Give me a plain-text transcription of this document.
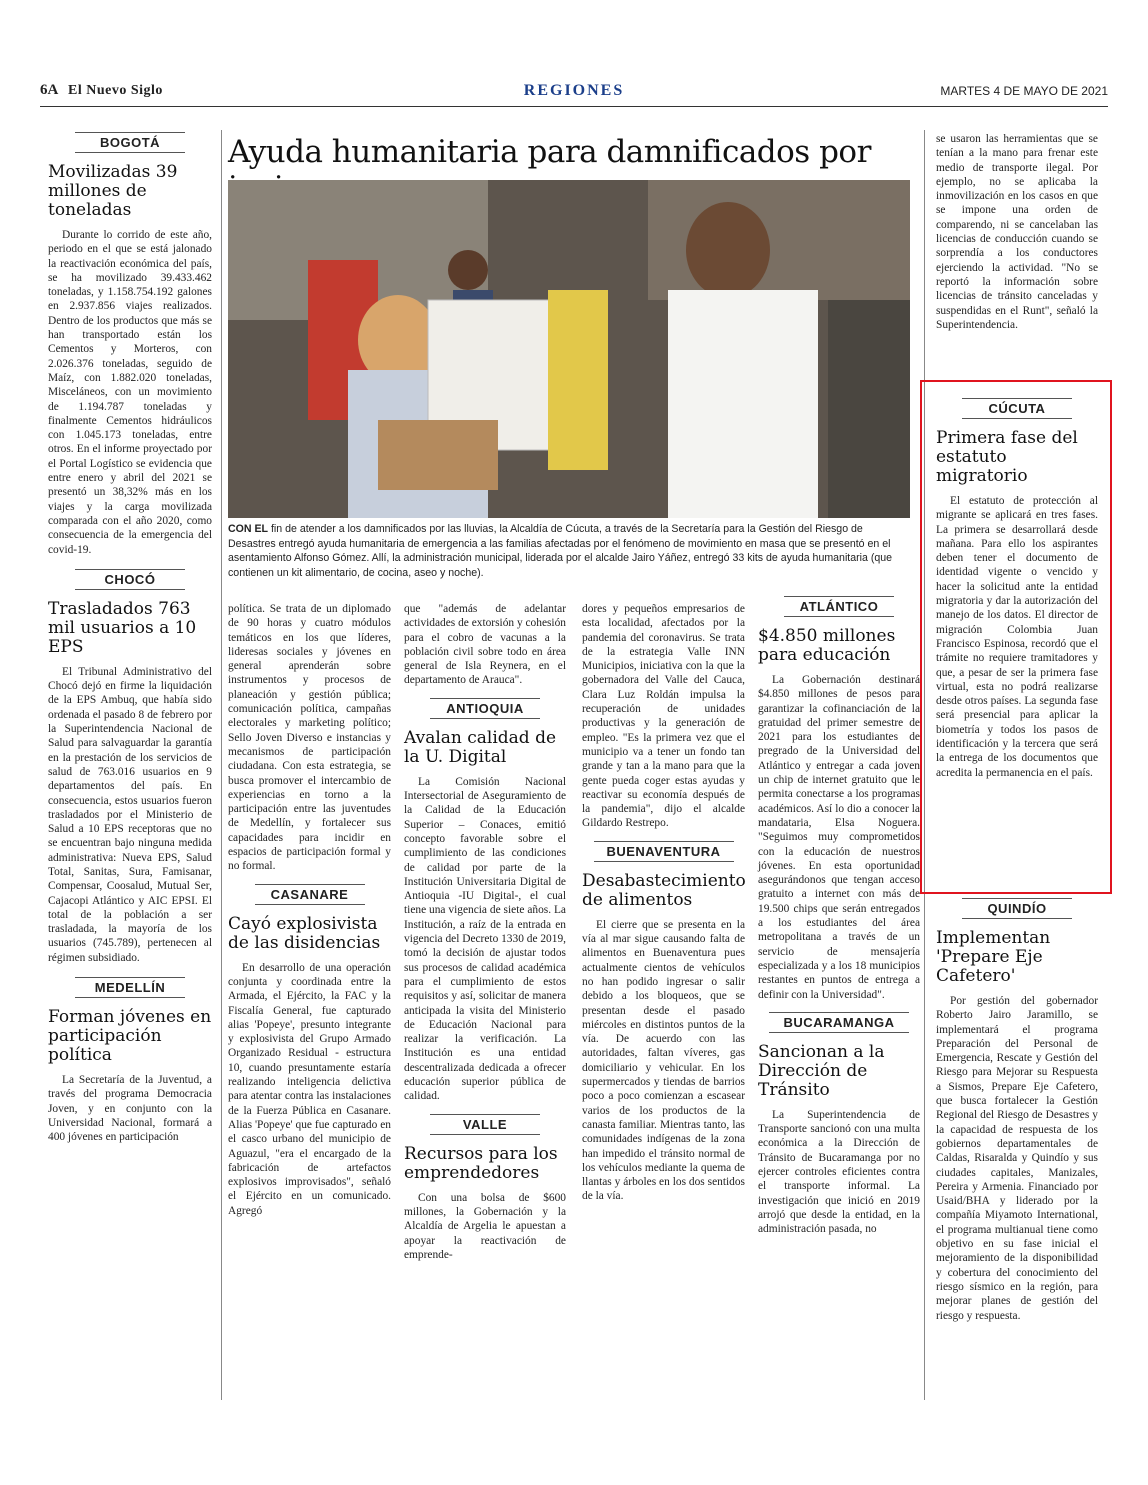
6A El Nuevo Siglo	REGIONES	MARTES 4 DE MAYO DE 2021
BOGOTÁ
Movilizadas 39 millones de toneladas

Durante lo corrido de este año, periodo en el que se está jalonado la reactivación económica del país, se ha movilizado 39.433.462 toneladas, y 1.158.754.192 galones en 2.937.856 viajes realizados. Dentro de los productos que más se han transportado están los Cementos y Morteros, con 2.026.376 toneladas, seguido de Maíz, con 1.882.020 toneladas, Misceláneos, con un movimiento de 1.194.787 toneladas y finalmente Cementos hidráulicos con 1.045.173 toneladas, entre otros. En el informe proyectado por el Portal Logístico se evidencia que entre enero y abril del 2021 se presentó un 38,32% más en los viajes y la carga movilizada comparada con el año 2020, como consecuencia de la emergencia del covid-19.

CHOCÓ
Trasladados 763 mil usuarios a 10 EPS

El Tribunal Administrativo del Chocó dejó en firme la liquidación de la EPS Ambuq, que había sido ordenada el pasado 8 de febrero por la Superintendencia Nacional de Salud para salvaguardar la garantía en la prestación de los servicios de salud de 763.016 usuarios en 9 departamentos del país. En consecuencia, estos usuarios fueron trasladados por el Ministerio de Salud a 10 EPS receptoras que no se encuentran bajo ninguna medida administrativa: Nueva EPS, Salud Total, Sanitas, Sura, Famisanar, Compensar, Coosalud, Mutual Ser, Cajacopi Atlántico y AIC EPSI. El total de la población a ser trasladada, la mayoría de los usuarios (745.789), pertenecen al régimen subsidiado.

MEDELLÍN
Forman jóvenes en participación política

La Secretaría de la Juventud, a través del programa Democracia Joven, y en conjunto con la Universidad Nacional, formará a 400 jóvenes en participación

Ayuda humanitaria para damnificados por
CON EL fin de atender a los damnificados por las lluvias, la Alcaldía de Cúcuta, a través de la Secretaría para la Gestión del Riesgo de Desastres entregó ayuda humanitaria de emergencia a las familias afectadas por el fenómeno de movimiento en masa que se presentó en el asentamiento Alfonso Gómez. Allí, la administración municipal, liderada por el alcalde Jairo Yáñez, entregó 33 kits de ayuda humanitaria (que contienen un kit alimentario, de cocina, aseo y noche).

política. Se trata de un diplomado de 90 horas y cuatro módulos temáticos en los que líderes, lideresas sociales y jóvenes en general aprenderán sobre instrumentos y procesos de planeación y gestión pública; comunicación política, campañas electorales y marketing político; Sello Joven Diverso e instancias y mecanismos de participación ciudadana. Con esta estrategia, se busca promover el intercambio de experiencias en torno a la participación entre las juventudes de Medellín, y fortalecer sus capacidades para incidir en espacios de participación formal y no formal.

CASANARE
Cayó explosivista de las disidencias

En desarrollo de una operación conjunta y coordinada entre la Armada, el Ejército, la FAC y la Fiscalía General, fue capturado alias 'Popeye', presunto integrante y explosivista del Grupo Armado Organizado Residual - estructura 10, cuando presuntamente estaría realizando inteligencia delictiva para atentar contra las instalaciones de la Fuerza Pública en Casanare. Alias 'Popeye' que fue capturado en el casco urbano del municipio de Aguazul, "era el encargado de la fabricación de artefactos explosivos improvisados", señaló el Ejército en un comunicado. Agregó

que "además de adelantar actividades de extorsión y cohesión para el cobro de vacunas a la población civil sobre todo en área general de Isla Reynera, en el departamento de Arauca".

ANTIOQUIA
Avalan calidad de la U. Digital

La Comisión Nacional Intersectorial de Aseguramiento de la Calidad de la Educación Superior – Conaces, emitió concepto favorable sobre el cumplimiento de las condiciones de calidad por parte de la Institución Universitaria Digital de Antioquia -IU Digital-, el cual tiene una vigencia de siete años. La Institución, a raíz de la entrada en vigencia del Decreto 1330 de 2019, tomó la decisión de ajustar todos sus procesos de calidad académica para el cumplimiento de estos requisitos y así, solicitar de manera anticipada la visita del Ministerio de Educación Nacional para realizar la verificación. La Institución es una entidad descentralizada dedicada a ofrecer educación superior pública de calidad.

VALLE
Recursos para los emprendedores

Con una bolsa de $600 millones, la Gobernación y la Alcaldía de Argelia le apuestan a apoyar la reactivación de emprende-

dores y pequeños empresarios de esta localidad, afectados por la pandemia del coronavirus. Se trata de la estrategia Valle INN Municipios, iniciativa con la que la gobernadora del Valle del Cauca, Clara Luz Roldán impulsa la recuperación de unidades productivas y la generación de empleo. "Es la primera vez que el municipio va a tener un fondo tan grande y tan a la mano para que la gente pueda coger estas ayudas y reactivar su economía después de la pandemia", dijo el alcalde Gildardo Restrepo.

BUENAVENTURA
Desabastecimiento de alimentos

El cierre que se presenta en la vía al mar sigue causando falta de alimentos en Buenaventura pues actualmente cientos de vehículos no han podido ingresar o salir debido a los bloqueos, que se presentan desde el pasado miércoles en distintos puntos de la vía. De acuerdo con las autoridades, faltan víveres, gas domiciliario y vehicular. En los supermercados y tiendas de barrios poco a poco comienzan a escasear varios de los productos de la canasta familiar. Mientras tanto, las comunidades indígenas de la zona han impedido el tránsito normal de los vehículos mediante la quema de llantas y árboles en los dos sentidos de la vía.

ATLÁNTICO
$4.850 millones para educación

La Gobernación destinará $4.850 millones de pesos para garantizar la cofinanciación de la gratuidad del primer semestre de 2021 para los estudiantes de pregrado de la Universidad del Atlántico y entregar a cada joven un chip de internet gratuito que le permita conectarse a los programas académicos. Así lo dio a conocer la mandataria, Elsa Noguera. "Seguimos muy comprometidos con la educación de nuestros jóvenes. En esta oportunidad asegurándonos que tengan acceso gratuito a internet con más de 19.500 chips que serán entregados a los estudiantes del área metropolitana a través de un servicio de mensajería especializada y a los 18 municipios restantes en puntos de entrega a definir con la Universidad".

BUCARAMANGA
Sancionan a la Dirección de Tránsito

La Superintendencia de Transporte sancionó con una multa económica a la Dirección de Tránsito de Bucaramanga por no ejercer controles eficientes contra el transporte informal. La investigación que inició en 2019 arrojó que desde la entidad, en la administración pasada, no

se usaron las herramientas que se tenían a la mano para frenar este medio de transporte ilegal. Por ejemplo, no se aplicaba la inmovilización en los casos en que se impone una orden de comparendo, ni se cancelaban las licencias de conducción cuando se sorprendía a los conductores ejerciendo la actividad. "No se reportó la información sobre licencias de tránsito canceladas y suspendidas en el Runt", señaló la Superintendencia.

CÚCUTA
Primera fase del estatuto migratorio

El estatuto de protección al migrante se aplicará en tres fases. La primera se desarrollará desde mañana. Para ello los aspirantes deben tener el documento de identidad vigente o vencido y hacer la solicitud ante la entidad migratoria y dar la autorización del manejo de los datos. El director de migración Colombia Juan Francisco Espinosa, recordó que el trámite no requiere tramitadores y que, a pesar de ser la primera fase virtual, esta no podrá realizarse desde otros países. La segunda fase será presencial para aplicar la biometría y todos los pasos de identificación y la tercera que será la entrega de los documentos que acredita la permanencia en el país.

QUINDÍO
Implementan 'Prepare Eje Cafetero'

Por gestión del gobernador Roberto Jairo Jaramillo, se implementará el programa Preparación del Personal de Emergencia, Rescate y Gestión del Riesgo para Mejorar su Respuesta a Sismos, Prepare Eje Cafetero, que busca fortalecer la Gestión Regional del Riesgo de Desastres y la capacidad de respuesta de los gobiernos departamentales de Caldas, Risaralda y Quindío y sus ciudades capitales, Manizales, Pereira y Armenia. Financiado por Usaid/BHA y liderado por la compañía Miyamoto International, el programa multianual tiene como objetivo en su fase inicial el mejoramiento de la disponibilidad y cobertura del conocimiento del riesgo sísmico en la región, para mejorar planes de gestión del riesgo y respuesta.
